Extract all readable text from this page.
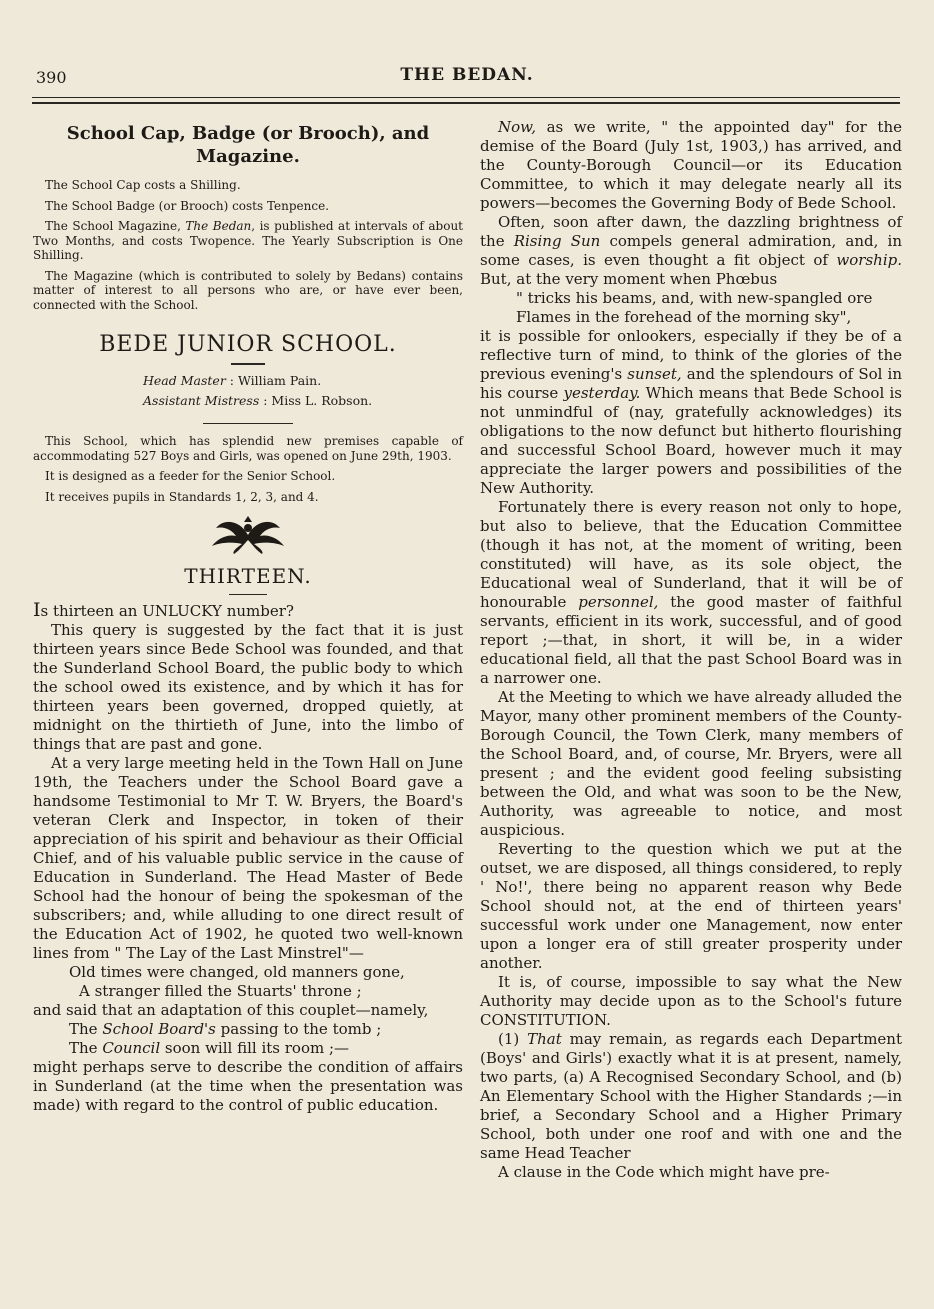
390	THE BEDAN.
School Cap, Badge (or Brooch), and Magazine.

The School Cap costs a Shilling.

The School Badge (or Brooch) costs Tenpence.

The School Magazine, The Bedan, is published at intervals of about Two Months, and costs Twopence. The Yearly Subscription is One Shilling.

The Magazine (which is contributed to solely by Bedans) contains matter of interest to all persons who are, or have ever been, connected with the School.

BEDE JUNIOR SCHOOL.
Head Master : William Pain.
Assistant Mistress : Miss L. Robson.

This School, which has splendid new premises capable of accommodating 527 Boys and Girls, was opened on June 29th, 1903.

It is designed as a feeder for the Senior School.

It receives pupils in Standards 1, 2, 3, and 4.

THIRTEEN.

Is thirteen an UNLUCKY number?

This query is suggested by the fact that it is just thirteen years since Bede School was founded, and that the Sunderland School Board, the public body to which the school owed its existence, and by which it has for thirteen years been governed, dropped quietly, at midnight on the thirtieth of June, into the limbo of things that are past and gone.

At a very large meeting held in the Town Hall on June 19th, the Teachers under the School Board gave a handsome Testimonial to Mr T. W. Bryers, the Board's veteran Clerk and Inspector, in token of their appreciation of his spirit and behaviour as their Official Chief, and of his valuable public service in the cause of Education in Sunderland. The Head Master of Bede School had the honour of being the spokesman of the subscribers; and, while alluding to one direct result of the Education Act of 1902, he quoted two well-known lines from " The Lay of the Last Minstrel"—

Old times were changed, old manners gone,

A stranger filled the Stuarts' throne ;

and said that an adaptation of this couplet—namely,

The School Board's passing to the tomb ;

The Council soon will fill its room ;—

might perhaps serve to describe the condition of affairs in Sunderland (at the time when the presentation was made) with regard to the control of public education.

Now, as we write, " the appointed day" for the demise of the Board (July 1st, 1903,) has arrived, and the County-Borough Council—or its Education Committee, to which it may delegate nearly all its powers—becomes the Governing Body of Bede School.

Often, soon after dawn, the dazzling brightness of the Rising Sun compels general admiration, and, in some cases, is even thought a fit object of worship. But, at the very moment when Phœbus

" tricks his beams, and, with new-spangled ore

Flames in the forehead of the morning sky",

it is possible for onlookers, especially if they be of a reflective turn of mind, to think of the glories of the previous evening's sunset, and the splendours of Sol in his course yesterday. Which means that Bede School is not unmindful of (nay, gratefully acknowledges) its obligations to the now defunct but hitherto flourishing and successful School Board, however much it may appreciate the larger powers and possibilities of the New Authority.

Fortunately there is every reason not only to hope, but also to believe, that the Education Committee (though it has not, at the moment of writing, been constituted) will have, as its sole object, the Educational weal of Sunderland, that it will be of honourable personnel, the good master of faithful servants, efficient in its work, successful, and of good report ;—that, in short, it will be, in a wider educational field, all that the past School Board was in a narrower one.

At the Meeting to which we have already alluded the Mayor, many other prominent members of the County-Borough Council, the Town Clerk, many members of the School Board, and, of course, Mr. Bryers, were all present ; and the evident good feeling subsisting between the Old, and what was soon to be the New, Authority, was agreeable to notice, and most auspicious.

Reverting to the question which we put at the outset, we are disposed, all things considered, to reply ' No!', there being no apparent reason why Bede School should not, at the end of thirteen years' successful work under one Management, now enter upon a longer era of still greater prosperity under another.

It is, of course, impossible to say what the New Authority may decide upon as to the School's future CONSTITUTION.

(1) That may remain, as regards each Department (Boys' and Girls') exactly what it is at present, namely, two parts, (a) A Recognised Secondary School, and (b) An Elementary School with the Higher Standards ;—in brief, a Secondary School and a Higher Primary School, both under one roof and with one and the same Head Teacher

A clause in the Code which might have pre-
